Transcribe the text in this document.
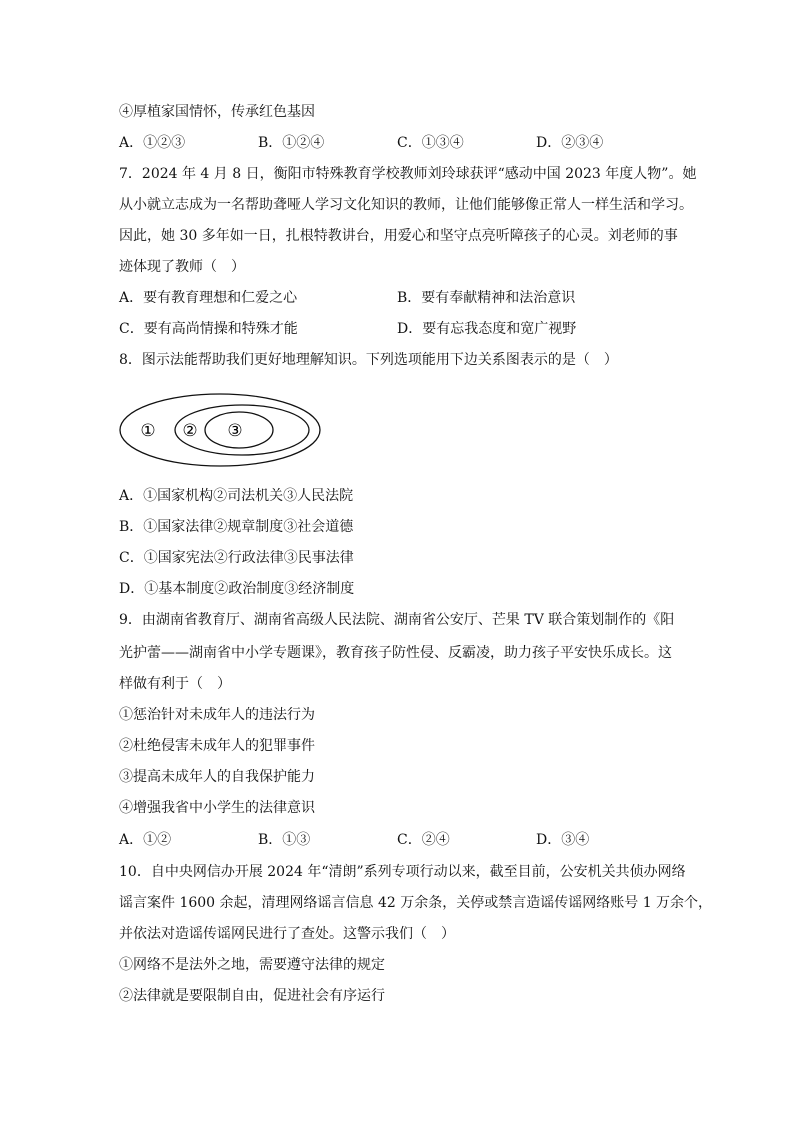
④厚植家国情怀，传承红色基因
A．①②③	B．①②④	C．①③④	D．②③④
7．2024 年 4 月 8 日，衡阳市特殊教育学校教师刘玲球获评“感动中国 2023 年度人物”。她
从小就立志成为一名帮助聋哑人学习文化知识的教师，让他们能够像正常人一样生活和学习。
因此，她 30 多年如一日，扎根特教讲台，用爱心和坚守点亮听障孩子的心灵。刘老师的事
迹体现了教师（　）
A．要有教育理想和仁爱之心	B．要有奉献精神和法治意识
C．要有高尚情操和特殊才能	D．要有忘我态度和宽广视野
8．图示法能帮助我们更好地理解知识。下列选项能用下边关系图表示的是（　）
① ② ③
A．①国家机构②司法机关③人民法院
B．①国家法律②规章制度③社会道德
C．①国家宪法②行政法律③民事法律
D．①基本制度②政治制度③经济制度
9．由湖南省教育厅、湖南省高级人民法院、湖南省公安厅、芒果 TV 联合策划制作的《阳
光护蕾——湖南省中小学专题课》，教育孩子防性侵、反霸凌，助力孩子平安快乐成长。这
样做有利于（　）
①惩治针对未成年人的违法行为
②杜绝侵害未成年人的犯罪事件
③提高未成年人的自我保护能力
④增强我省中小学生的法律意识
A．①②	B．①③	C．②④	D．③④
10．自中央网信办开展 2024 年“清朗”系列专项行动以来，截至目前，公安机关共侦办网络
谣言案件 1600 余起，清理网络谣言信息 42 万余条，关停或禁言造谣传谣网络账号 1 万余个，
并依法对造谣传谣网民进行了查处。这警示我们（　）
①网络不是法外之地，需要遵守法律的规定
②法律就是要限制自由，促进社会有序运行
